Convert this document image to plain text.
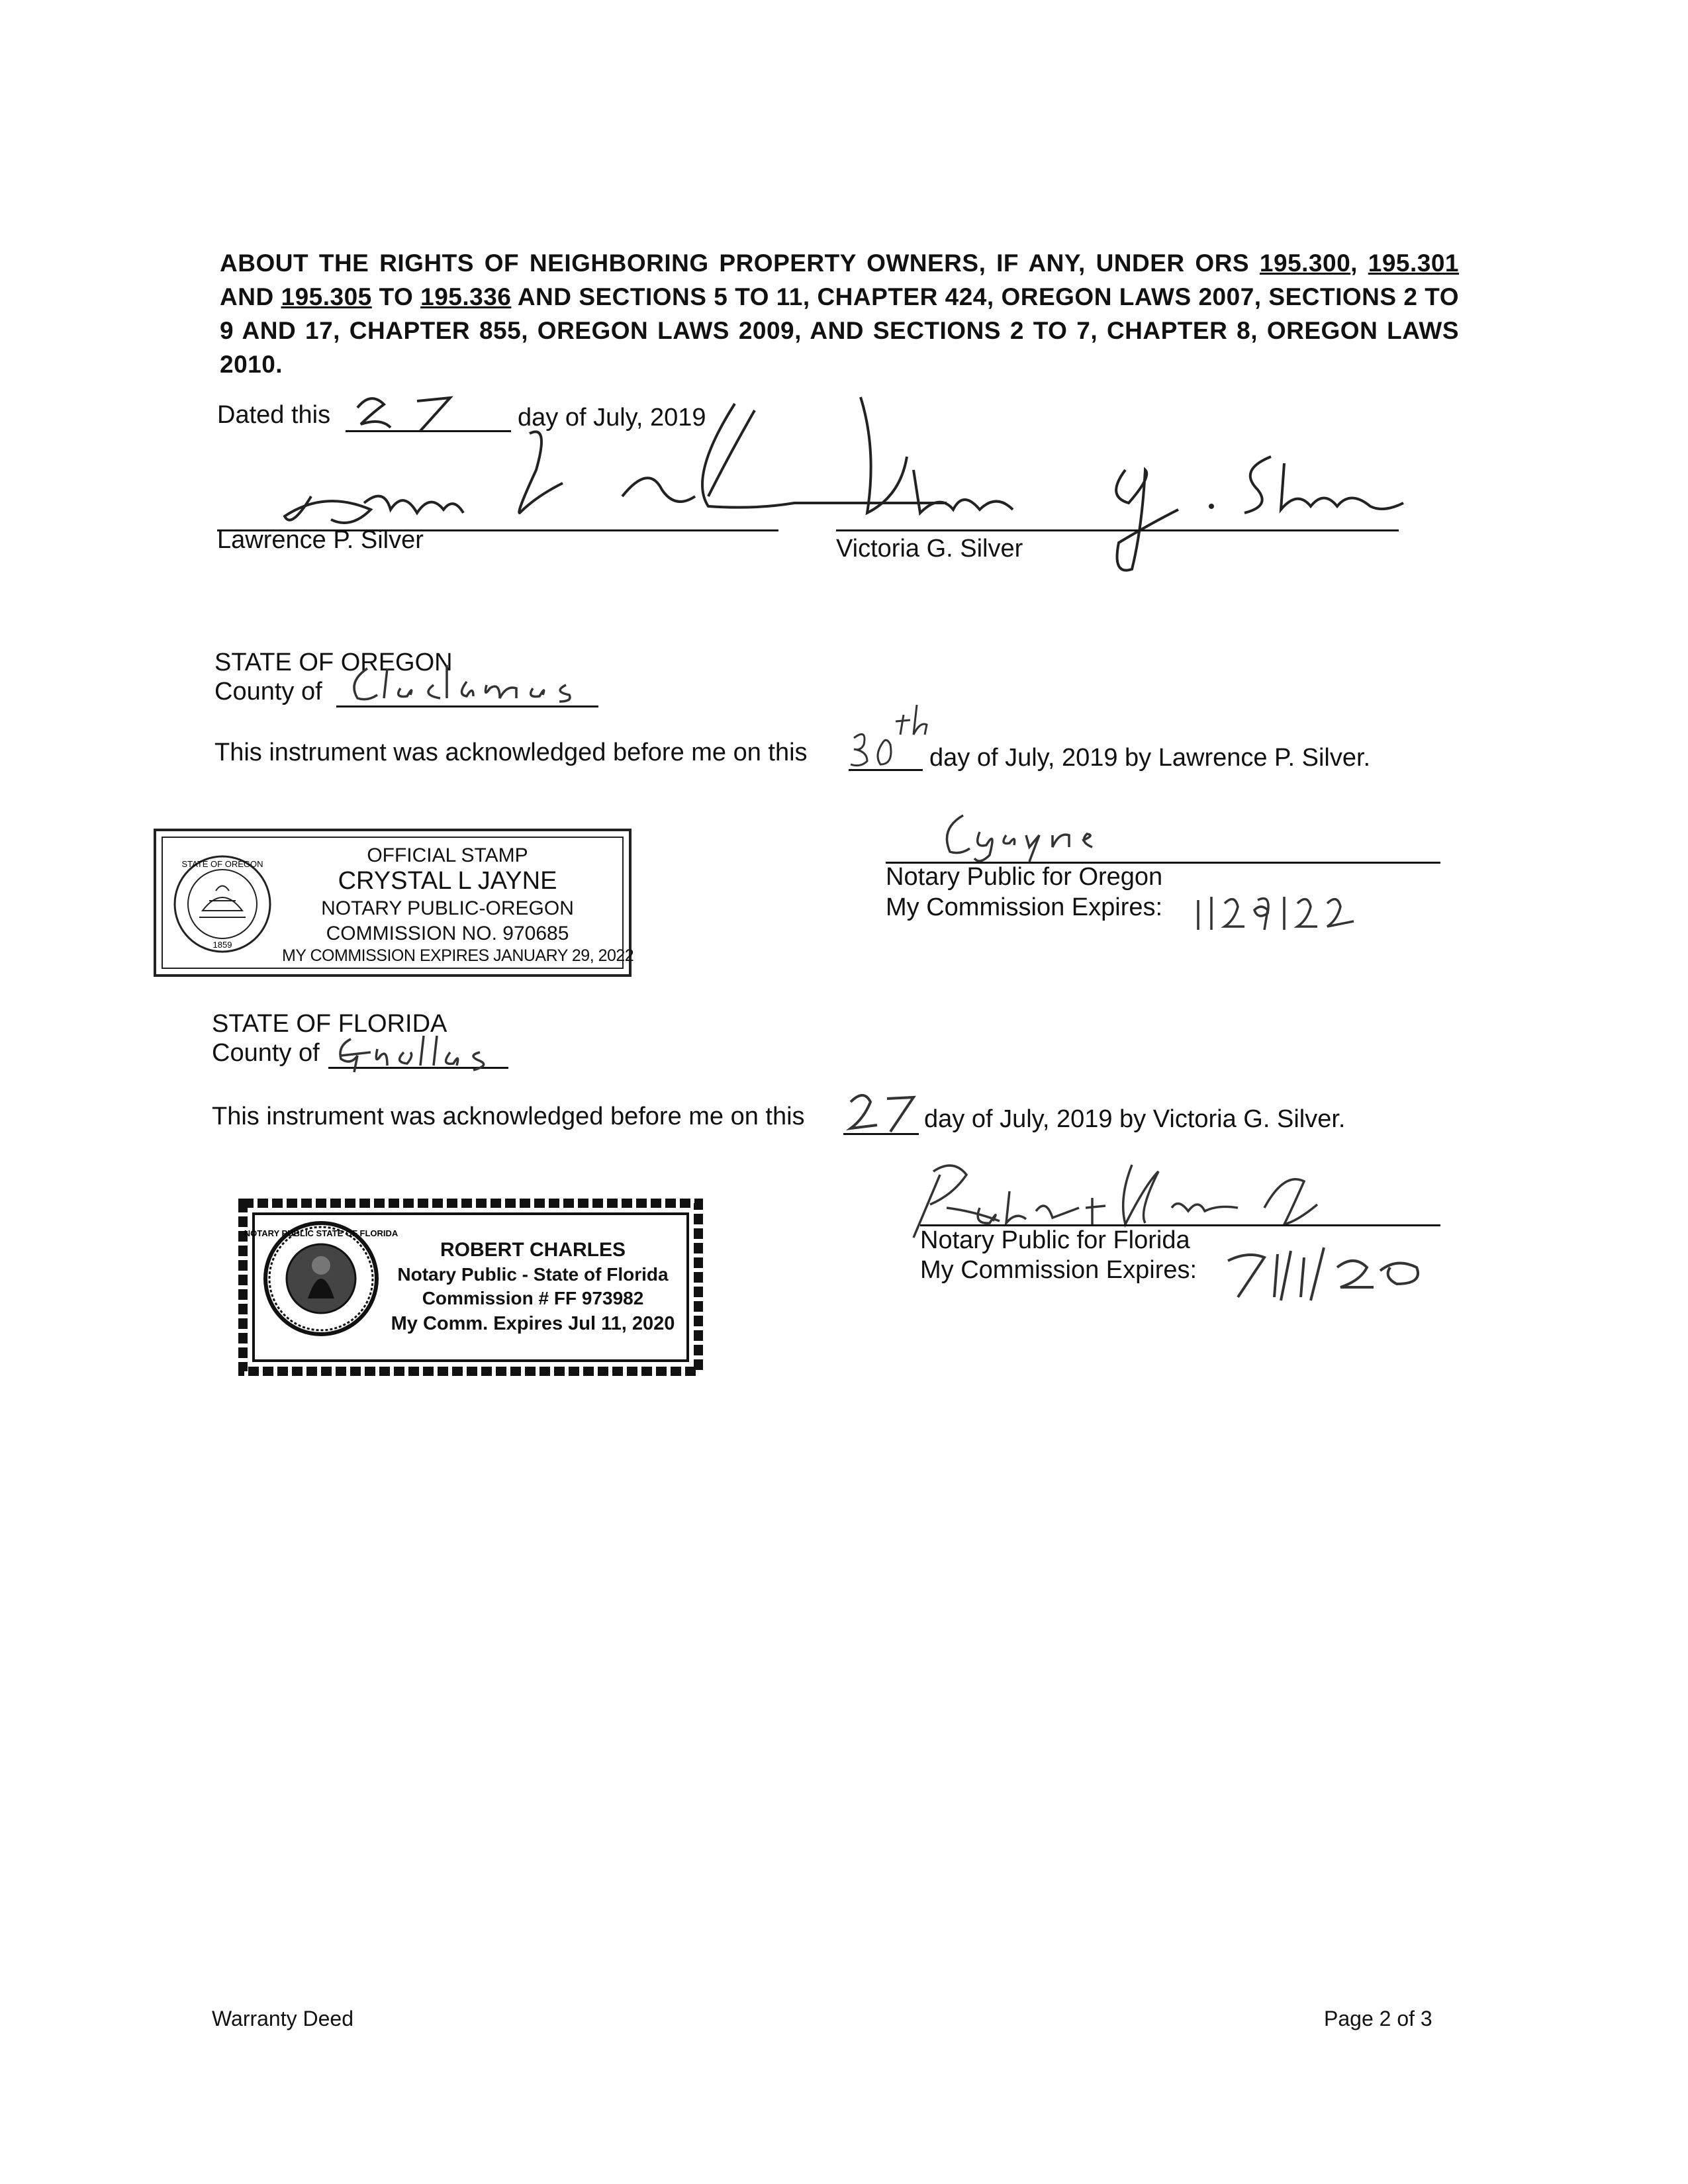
ABOUT THE RIGHTS OF NEIGHBORING PROPERTY OWNERS, IF ANY, UNDER ORS 195.300, 195.301 AND 195.305 TO 195.336 AND SECTIONS 5 TO 11, CHAPTER 424, OREGON LAWS 2007, SECTIONS 2 TO 9 AND 17, CHAPTER 855, OREGON LAWS 2009, AND SECTIONS 2 TO 7, CHAPTER 8, OREGON LAWS 2010.
Dated this	day of July, 2019
Lawrence P. Silver	Victoria G. Silver
STATE OF OREGON
County of
This instrument was acknowledged before me on this	day of July, 2019 by Lawrence P. Silver.
STATE OF OREGON
1859
OFFICIAL STAMP
CRYSTAL L JAYNE
NOTARY PUBLIC-OREGON
COMMISSION NO. 970685
MY COMMISSION EXPIRES JANUARY 29, 2022
Notary Public for Oregon
My Commission Expires:
STATE OF FLORIDA
County of
This instrument was acknowledged before me on this	day of July, 2019 by Victoria G. Silver.
NOTARY PUBLIC STATE OF FLORIDA
ROBERT CHARLES
Notary Public - State of Florida
Commission # FF 973982
My Comm. Expires Jul 11, 2020
Notary Public for Florida
My Commission Expires:
Warranty Deed	Page 2 of 3
